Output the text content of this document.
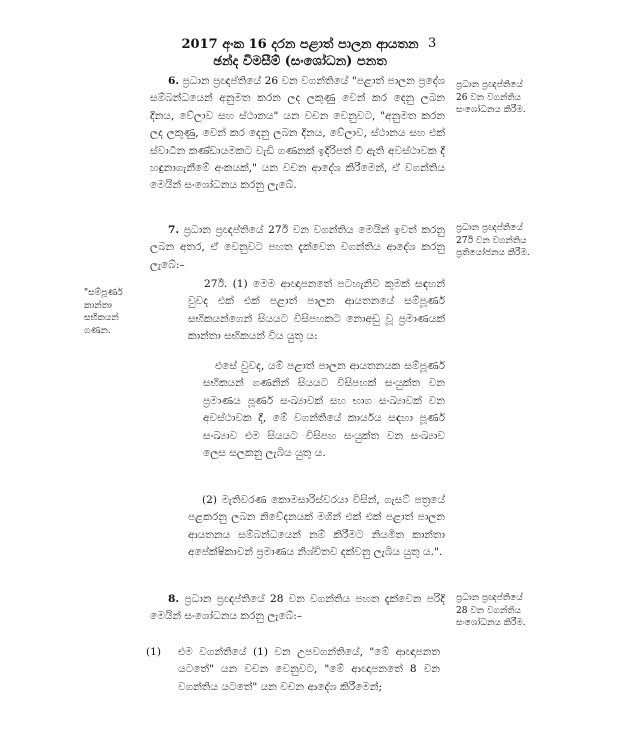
2017 අංක 16 දරන පළාත් පාලන ආයතන
ඡන්ද විමසීම් (සංශෝධන) පනත
3
6. ප්‍රධාන ප්‍රඥප්තියේ 26 වන වගන්තියේ "පළාත් පාලන ප්‍රදේශ සම්බන්ධයෙන් අනුමත කරන ලද ලකුණු වෙන් කර දෙනු ලබන දිනය, වේලාව සහ ස්ථානය" යන වචන වෙනුවට, "අනුමත කරන ලද ලකුණු, වෙන් කර දෙනු ලබන දිනය, වේලාව, ස්ථානය සහ එක් ස්වාධීන කණ්ඩායමකට වැඩි ගණනක් ඉදිරිපත් වී ඇති අවස්ථාවක දී හඳුනාගැනීමේ අංකයක්," යන වචන ආදේශ කිරීමෙන්, ඒ වගන්තිය මෙයින් සංශෝධනය කරනු ලැබේ.
ප්‍රධාන ප්‍රඥප්තියේ 26 වන වගන්තිය සංශෝධනය කිරීම.
7. ප්‍රධාන ප්‍රඥප්තියේ 27ඊ වන වගන්තිය මෙයින් ඉවත් කරනු ලබන අතර, ඒ වෙනුවට පහත දැක්වෙන වගන්තිය ආදේශ කරනු ලැබේ:–
ප්‍රධාන ප්‍රඥප්තියේ 27ඊ වන වගන්තිය ප්‍රතියෝජනය කිරීම.
"සම්පූර්ණ කාන්තා සභිකයන් ගණන.
27ඊ. (1) මෙම ආඥාපනතේ පටහැනිව කුමක් සඳහන් වුවද එක් එක් පළාත් පාලන ආයතනයේ සම්පූර්ණ සභිකයන්ගෙන් සියයට විසිපහකට නොඅඩු වූ ප්‍රමාණයක් කාන්තා සභිකයන් විය යුතු ය:
එසේ වුවද, යම් පළාත් පාලන ආයතනයක සම්පූර්ණ සභිකයන් ගණනින් සියයට විසිපහක් සංයුක්ත වන ප්‍රමාණය පූර්ණ සංඛ්‍යාවක් සහ භාග සංඛ්‍යාවක් වන අවස්ථාවක දී, මේ වගන්තියේ කාර්යය සඳහා පූර්ණ සංඛ්‍යාව එම සියයට විසිපහ සංයුක්ත වන සංඛ්‍යාව ලෙස සලකනු ලැබිය යුතු ය.
(2) මැතිවරණ කොමසාරිස්වරයා විසින්, ගැසට් පත්‍රයේ පළකරනු ලබන නිවේදනයක් මගින් එක් එක් පළාත් පාලන ආයතනය සම්බන්ධයෙන් නම් කිරීමට නියමිත කාන්තා අපේක්ෂිකාවන් ප්‍රමාණය නිශ්චිතව දක්වනු ලැබිය යුතු ය.".
8. ප්‍රධාන ප්‍රඥප්තියේ 28 වන වගන්තිය පහත දැක්වෙන පරිදි මෙයින් සංශෝධනය කරනු ලැබේ:–
ප්‍රධාන ප්‍රඥප්තියේ 28 වන වගන්තිය සංශෝධනය කිරීම.
(1)	එම වගන්තියේ (1) වන උපවගන්තියේ, "මේ ආඥාපනත යටතේ" යන වචන වෙනුවට, "මේ ආඥාපනතේ 8 වන වගන්තිය යටතේ" යන වචන ආදේශ කිරීමෙන්;
